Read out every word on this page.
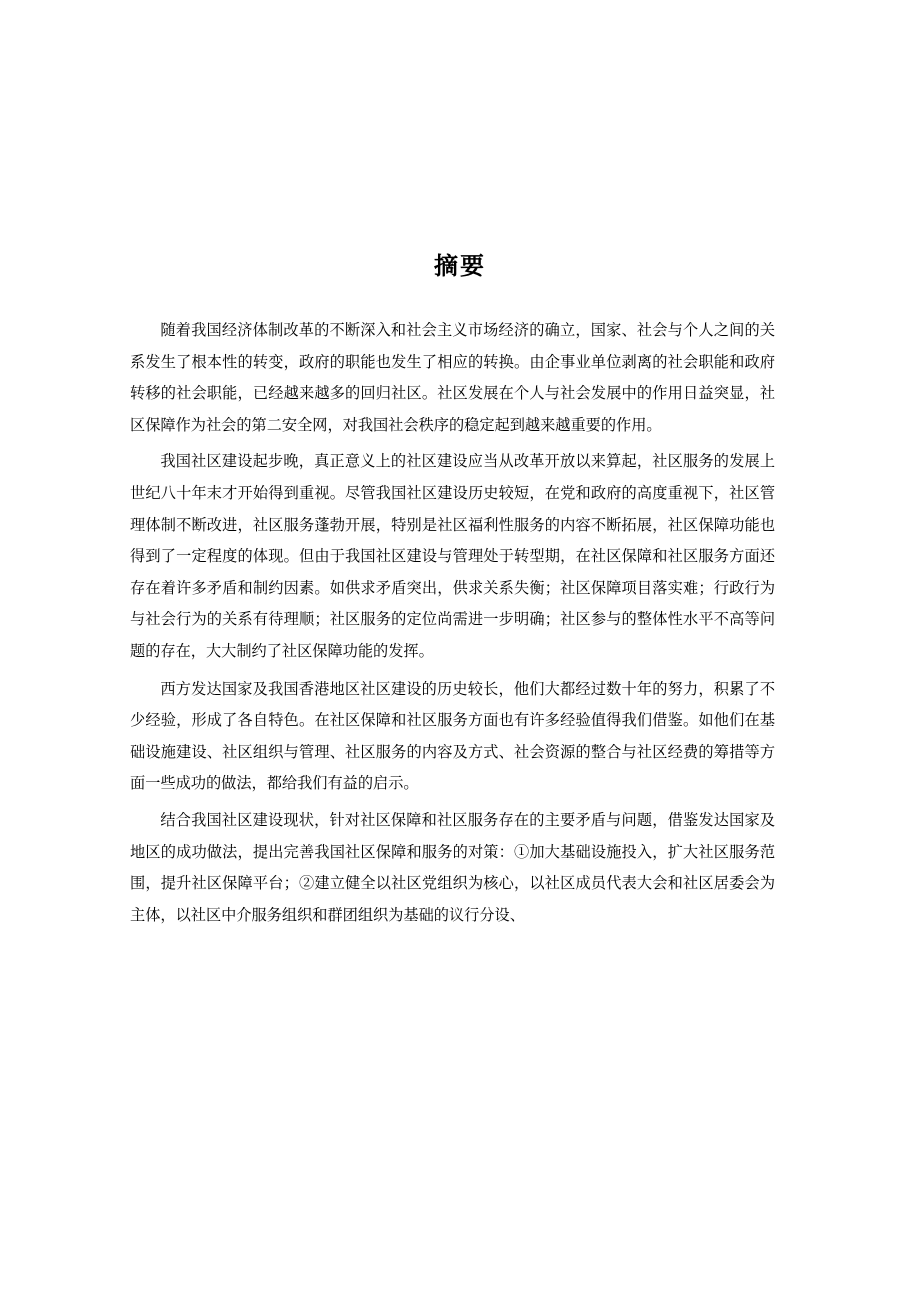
摘要

随着我国经济体制改革的不断深入和社会主义市场经济的确立，国家、社会与个人之间的关系发生了根本性的转变，政府的职能也发生了相应的转换。由企事业单位剥离的社会职能和政府转移的社会职能，已经越来越多的回归社区。社区发展在个人与社会发展中的作用日益突显，社区保障作为社会的第二安全网，对我国社会秩序的稳定起到越来越重要的作用。

我国社区建设起步晚，真正意义上的社区建设应当从改革开放以来算起，社区服务的发展上世纪八十年末才开始得到重视。尽管我国社区建设历史较短，在党和政府的高度重视下，社区管理体制不断改进，社区服务蓬勃开展，特别是社区福利性服务的内容不断拓展，社区保障功能也得到了一定程度的体现。但由于我国社区建设与管理处于转型期，在社区保障和社区服务方面还存在着许多矛盾和制约因素。如供求矛盾突出，供求关系失衡；社区保障项目落实难；行政行为与社会行为的关系有待理顺；社区服务的定位尚需进一步明确；社区参与的整体性水平不高等问题的存在，大大制约了社区保障功能的发挥。

西方发达国家及我国香港地区社区建设的历史较长，他们大都经过数十年的努力，积累了不少经验，形成了各自特色。在社区保障和社区服务方面也有许多经验值得我们借鉴。如他们在基础设施建设、社区组织与管理、社区服务的内容及方式、社会资源的整合与社区经费的筹措等方面一些成功的做法，都给我们有益的启示。

结合我国社区建设现状，针对社区保障和社区服务存在的主要矛盾与问题，借鉴发达国家及地区的成功做法，提出完善我国社区保障和服务的对策：①加大基础设施投入，扩大社区服务范围，提升社区保障平台；②建立健全以社区党组织为核心，以社区成员代表大会和社区居委会为主体，以社区中介服务组织和群团组织为基础的议行分设、
